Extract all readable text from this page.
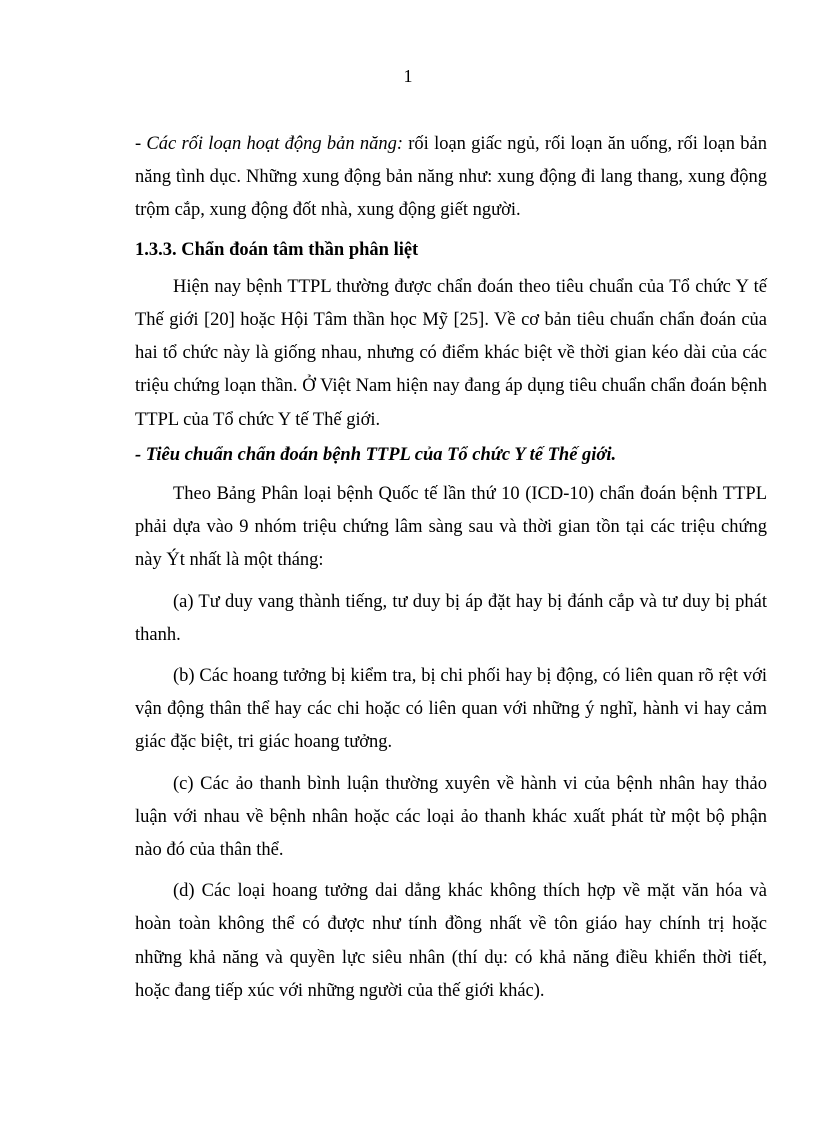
1

- Các rối loạn hoạt động bản năng: rối loạn giấc ngủ, rối loạn ăn uống, rối loạn bản năng tình dục. Những xung động bản năng như: xung động đi lang thang, xung động trộm cắp, xung động đốt nhà, xung động giết người.

1.3.3. Chẩn đoán tâm thần phân liệt

Hiện nay bệnh TTPL thường được chẩn đoán theo tiêu chuẩn của Tổ chức Y tế Thế giới [20] hoặc Hội Tâm thần học Mỹ [25]. Về cơ bản tiêu chuẩn chẩn đoán của hai tổ chức này là giống nhau, nhưng có điểm khác biệt về thời gian kéo dài của các triệu chứng loạn thần. Ở Việt Nam hiện nay đang áp dụng tiêu chuẩn chẩn đoán bệnh TTPL của Tổ chức Y tế Thế giới.

- Tiêu chuẩn chẩn đoán bệnh TTPL của Tổ chức Y tế Thế giới.

Theo Bảng Phân loại bệnh Quốc tế lần thứ 10 (ICD-10) chẩn đoán bệnh TTPL phải dựa vào 9 nhóm triệu chứng lâm sàng sau và thời gian tồn tại các triệu chứng này Ýt nhất là một tháng:

(a) Tư duy vang thành tiếng, tư duy bị áp đặt hay bị đánh cắp và tư duy bị phát thanh.

(b) Các hoang tưởng bị kiểm tra, bị chi phối hay bị động, có liên quan rõ rệt với vận động thân thể hay các chi hoặc có liên quan với những ý nghĩ, hành vi hay cảm giác đặc biệt, tri giác hoang tưởng.

(c) Các ảo thanh bình luận thường xuyên về hành vi của bệnh nhân hay thảo luận với nhau về bệnh nhân hoặc các loại ảo thanh khác xuất phát từ một bộ phận nào đó của thân thể.

(d) Các loại hoang tưởng dai dẳng khác không thích hợp về mặt văn hóa và hoàn toàn không thể có được như tính đồng nhất về tôn giáo hay chính trị hoặc những khả năng và quyền lực siêu nhân (thí dụ: có khả năng điều khiển thời tiết, hoặc đang tiếp xúc với những người của thế giới khác).
